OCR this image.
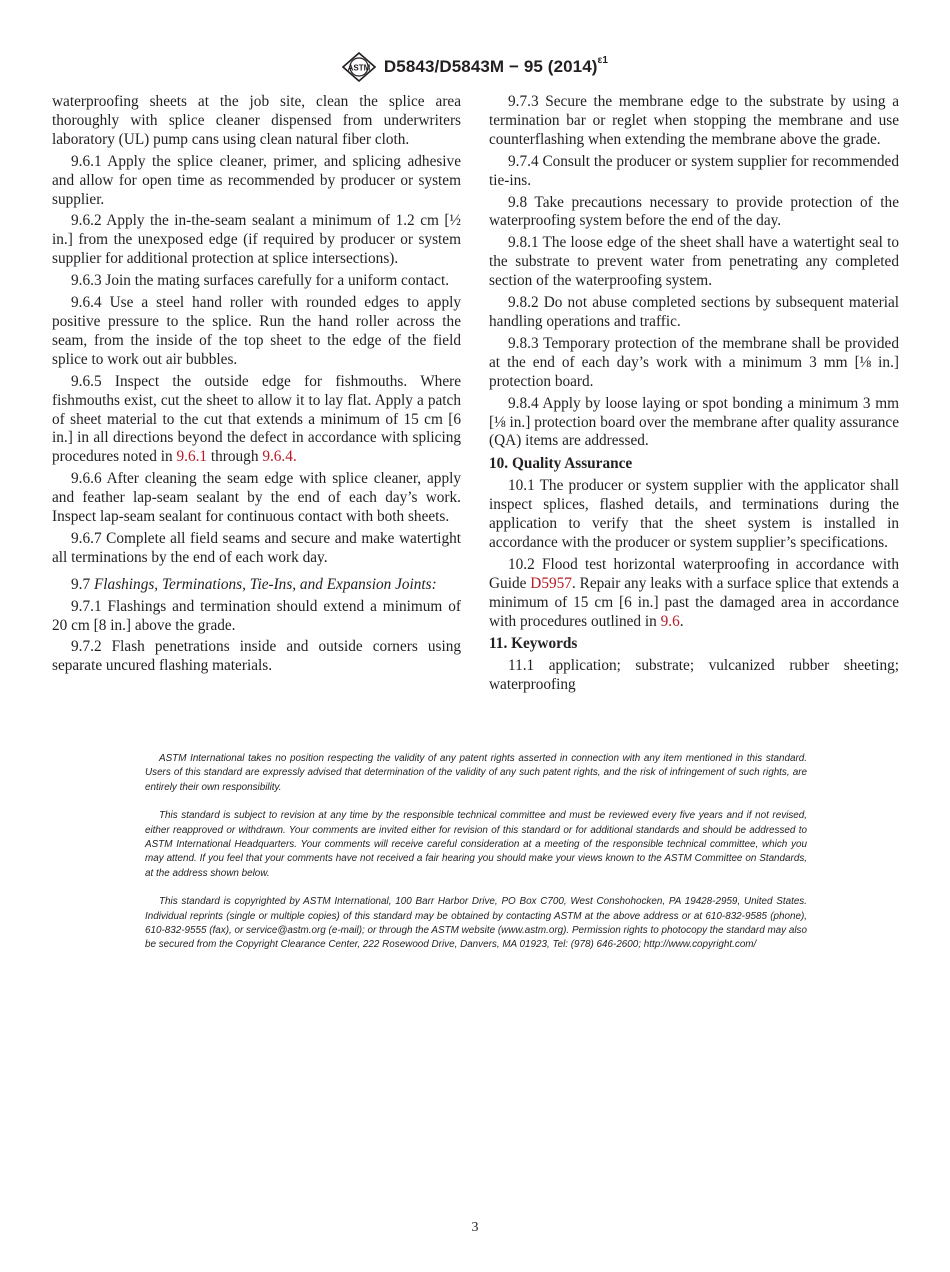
ASTM D5843/D5843M − 95 $(2014)^{\varepsilon 1}$

waterproofing sheets at the job site, clean the splice area thoroughly with splice cleaner dispensed from underwriters laboratory (UL) pump cans using clean natural fiber cloth.

9.6.1 Apply the splice cleaner, primer, and splicing adhesive and allow for open time as recommended by producer or system supplier.

9.6.2 Apply the in-the-seam sealant a minimum of 1.2 cm [½ in.] from the unexposed edge (if required by producer or system supplier for additional protection at splice intersections).

9.6.3 Join the mating surfaces carefully for a uniform contact.

9.6.4 Use a steel hand roller with rounded edges to apply positive pressure to the splice. Run the hand roller across the seam, from the inside of the top sheet to the edge of the field splice to work out air bubbles.

9.6.5 Inspect the outside edge for fishmouths. Where fishmouths exist, cut the sheet to allow it to lay flat. Apply a patch of sheet material to the cut that extends a minimum of 15 cm [6 in.] in all directions beyond the defect in accordance with splicing procedures noted in 9.6.1 through 9.6.4.

9.6.6 After cleaning the seam edge with splice cleaner, apply and feather lap-seam sealant by the end of each day’s work. Inspect lap-seam sealant for continuous contact with both sheets.

9.6.7 Complete all field seams and secure and make watertight all terminations by the end of each work day.

9.7 Flashings, Terminations, Tie-Ins, and Expansion Joints:

9.7.1 Flashings and termination should extend a minimum of 20 cm [8 in.] above the grade.

9.7.2 Flash penetrations inside and outside corners using separate uncured flashing materials.

9.7.3 Secure the membrane edge to the substrate by using a termination bar or reglet when stopping the membrane and use counterflashing when extending the membrane above the grade.

9.7.4 Consult the producer or system supplier for recommended tie-ins.

9.8 Take precautions necessary to provide protection of the waterproofing system before the end of the day.

9.8.1 The loose edge of the sheet shall have a watertight seal to the substrate to prevent water from penetrating any completed section of the waterproofing system.

9.8.2 Do not abuse completed sections by subsequent material handling operations and traffic.

9.8.3 Temporary protection of the membrane shall be provided at the end of each day’s work with a minimum 3 mm [⅛ in.] protection board.

9.8.4 Apply by loose laying or spot bonding a minimum 3 mm [⅛ in.] protection board over the membrane after quality assurance (QA) items are addressed.

10. Quality Assurance

10.1 The producer or system supplier with the applicator shall inspect splices, flashed details, and terminations during the application to verify that the sheet system is installed in accordance with the producer or system supplier’s specifications.

10.2 Flood test horizontal waterproofing in accordance with Guide D5957. Repair any leaks with a surface splice that extends a minimum of 15 cm [6 in.] past the damaged area in accordance with procedures outlined in 9.6.

11. Keywords

11.1 application; substrate; vulcanized rubber sheeting; waterproofing

ASTM International takes no position respecting the validity of any patent rights asserted in connection with any item mentioned in this standard. Users of this standard are expressly advised that determination of the validity of any such patent rights, and the risk of infringement of such rights, are entirely their own responsibility.

This standard is subject to revision at any time by the responsible technical committee and must be reviewed every five years and if not revised, either reapproved or withdrawn. Your comments are invited either for revision of this standard or for additional standards and should be addressed to ASTM International Headquarters. Your comments will receive careful consideration at a meeting of the responsible technical committee, which you may attend. If you feel that your comments have not received a fair hearing you should make your views known to the ASTM Committee on Standards, at the address shown below.

This standard is copyrighted by ASTM International, 100 Barr Harbor Drive, PO Box C700, West Conshohocken, PA 19428-2959, United States. Individual reprints (single or multiple copies) of this standard may be obtained by contacting ASTM at the above address or at 610-832-9585 (phone), 610-832-9555 (fax), or service@astm.org (e-mail); or through the ASTM website (www.astm.org). Permission rights to photocopy the standard may also be secured from the Copyright Clearance Center, 222 Rosewood Drive, Danvers, MA 01923, Tel: (978) 646-2600; http://www.copyright.com/

3
